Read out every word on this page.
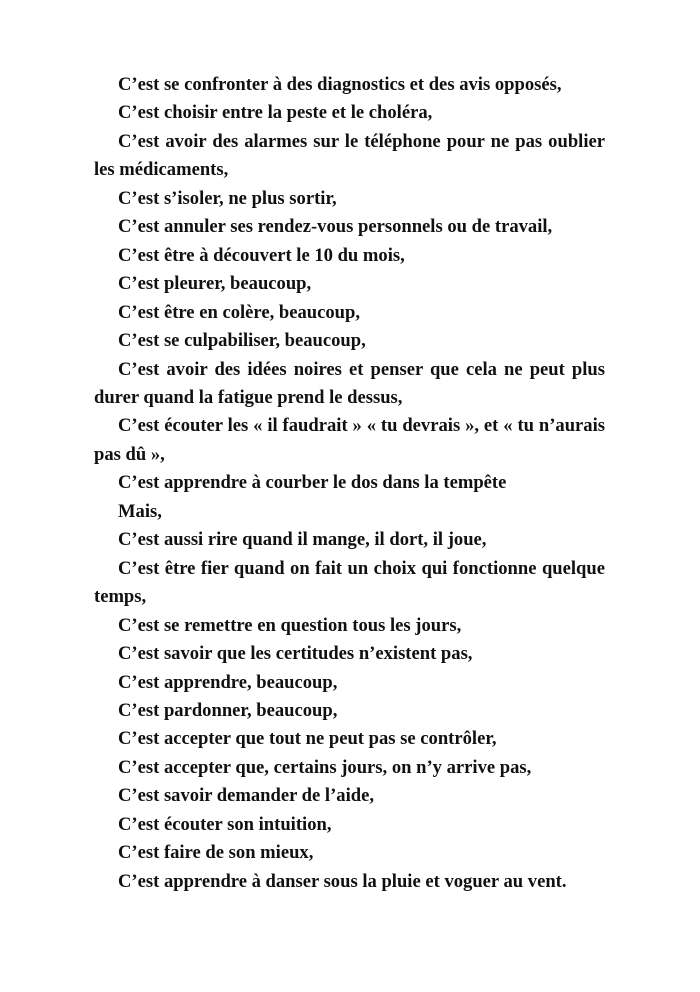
C’est se confronter à des diagnostics et des avis opposés,

C’est choisir entre la peste et le choléra,

C’est avoir des alarmes sur le téléphone pour ne pas oublier les médicaments,

C’est s’isoler, ne plus sortir,

C’est annuler ses rendez-vous personnels ou de travail,

C’est être à découvert le 10 du mois,

C’est pleurer, beaucoup,

C’est être en colère, beaucoup,

C’est se culpabiliser, beaucoup,

C’est avoir des idées noires et penser que cela ne peut plus durer quand la fatigue prend le dessus,

C’est écouter les « il faudrait » « tu devrais », et « tu n’aurais pas dû »,

C’est apprendre à courber le dos dans la tempête

Mais,

C’est aussi rire quand il mange, il dort, il joue,

C’est être fier quand on fait un choix qui fonctionne quelque temps,

C’est se remettre en question tous les jours,

C’est savoir que les certitudes n’existent pas,

C’est apprendre, beaucoup,

C’est pardonner, beaucoup,

C’est accepter que tout ne peut pas se contrôler,

C’est accepter que, certains jours, on n’y arrive pas,

C’est savoir demander de l’aide,

C’est écouter son intuition,

C’est faire de son mieux,

C’est apprendre à danser sous la pluie et voguer au vent.
